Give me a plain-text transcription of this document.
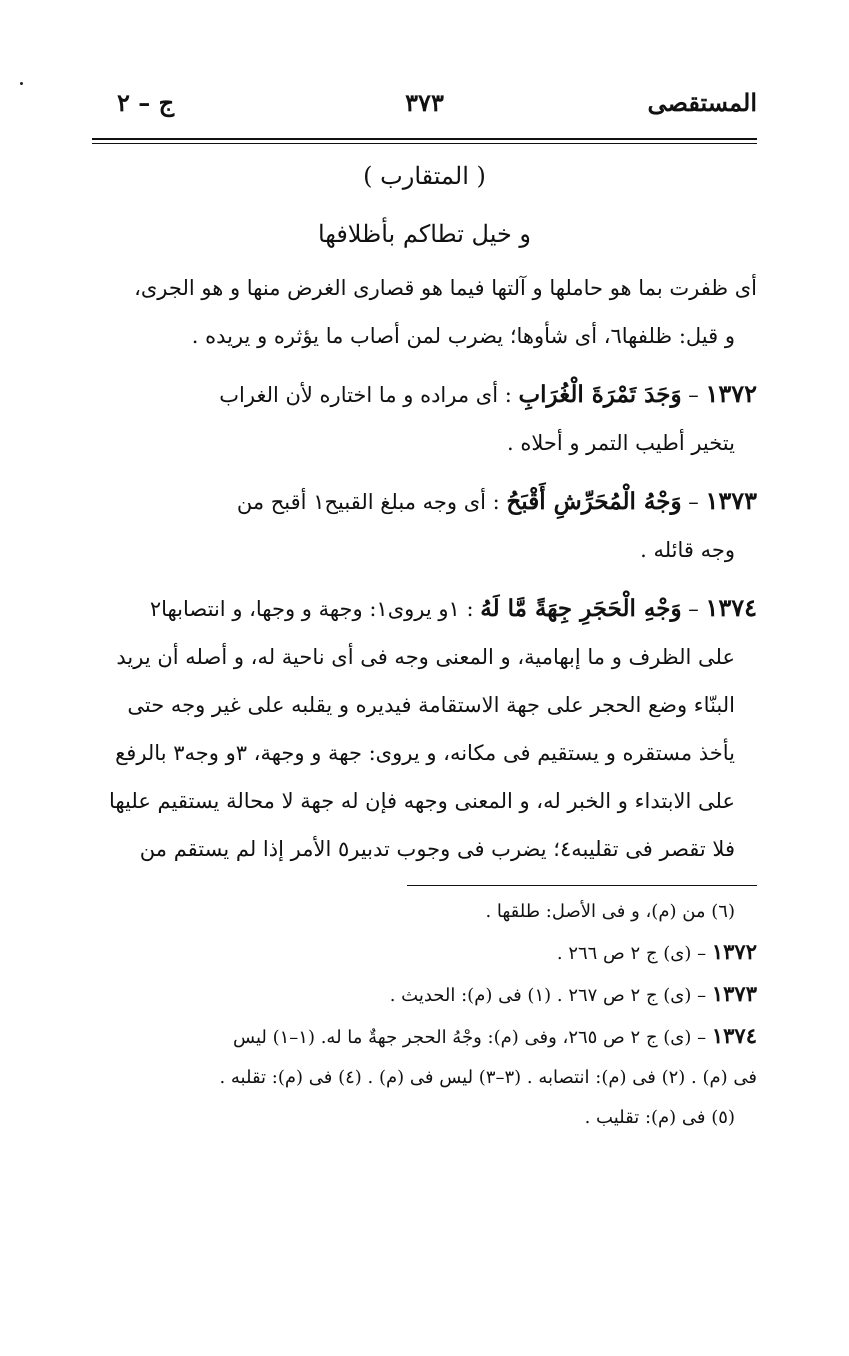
المستقصى
٣٧٣
ج – ٢
( المتقارب )
و خيل تطاكم بأظلافها

أى ظفرت بما هو حاملها و آلتها فيما هو قصارى الغرض منها و هو الجرى،

و قيل: ظلفها٦، أى شأوها؛ يضرب لمن أصاب ما يؤثره و يريده .

١٣٧٢ – وَجَدَ تَمْرَةَ الْغُرَابِ : أى مراده و ما اختاره لأن الغراب

يتخير أطيب التمر و أحلاه .

١٣٧٣ – وَجْهُ الْمُحَرِّشِ أَقْبَحُ : أى وجه مبلغ القبيح١ أقبح من

وجه قائله .

١٣٧٤ – وَجْهِ الْحَجَرِ جِهَةً مَّا لَهُ : ١و يروى١: وجهة و وجها، و انتصابها٢

على الظرف و ما إبهامية، و المعنى وجه فى أى ناحية له، و أصله أن يريد

البنّاء وضع الحجر على جهة الاستقامة فيديره و يقلبه على غير وجه حتى

يأخذ مستقره و يستقيم فى مكانه، و يروى: جهة و وجهة، ٣و وجه٣ بالرفع

على الابتداء و الخبر له، و المعنى وجهه فإن له جهة لا محالة يستقيم عليها

فلا تقصر فى تقليبه٤؛ يضرب فى وجوب تدبير٥ الأمر إذا لم يستقم من

(٦) من (م)، و فى الأصل: طلقها .

١٣٧٢ – (ى) ج ٢ ص ٢٦٦ .

١٣٧٣ – (ى) ج ٢ ص ٢٦٧ . (١) فى (م): الحديث .

١٣٧٤ – (ى) ج ٢ ص ٢٦٥، وفى (م): وجْهُ الحجر جهةٌ ما له. (١–١) ليس

فى (م) . (٢) فى (م): انتصابه . (٣–٣) ليس فى (م) . (٤) فى (م): تقلبه .

(٥) فى (م): تقليب .
